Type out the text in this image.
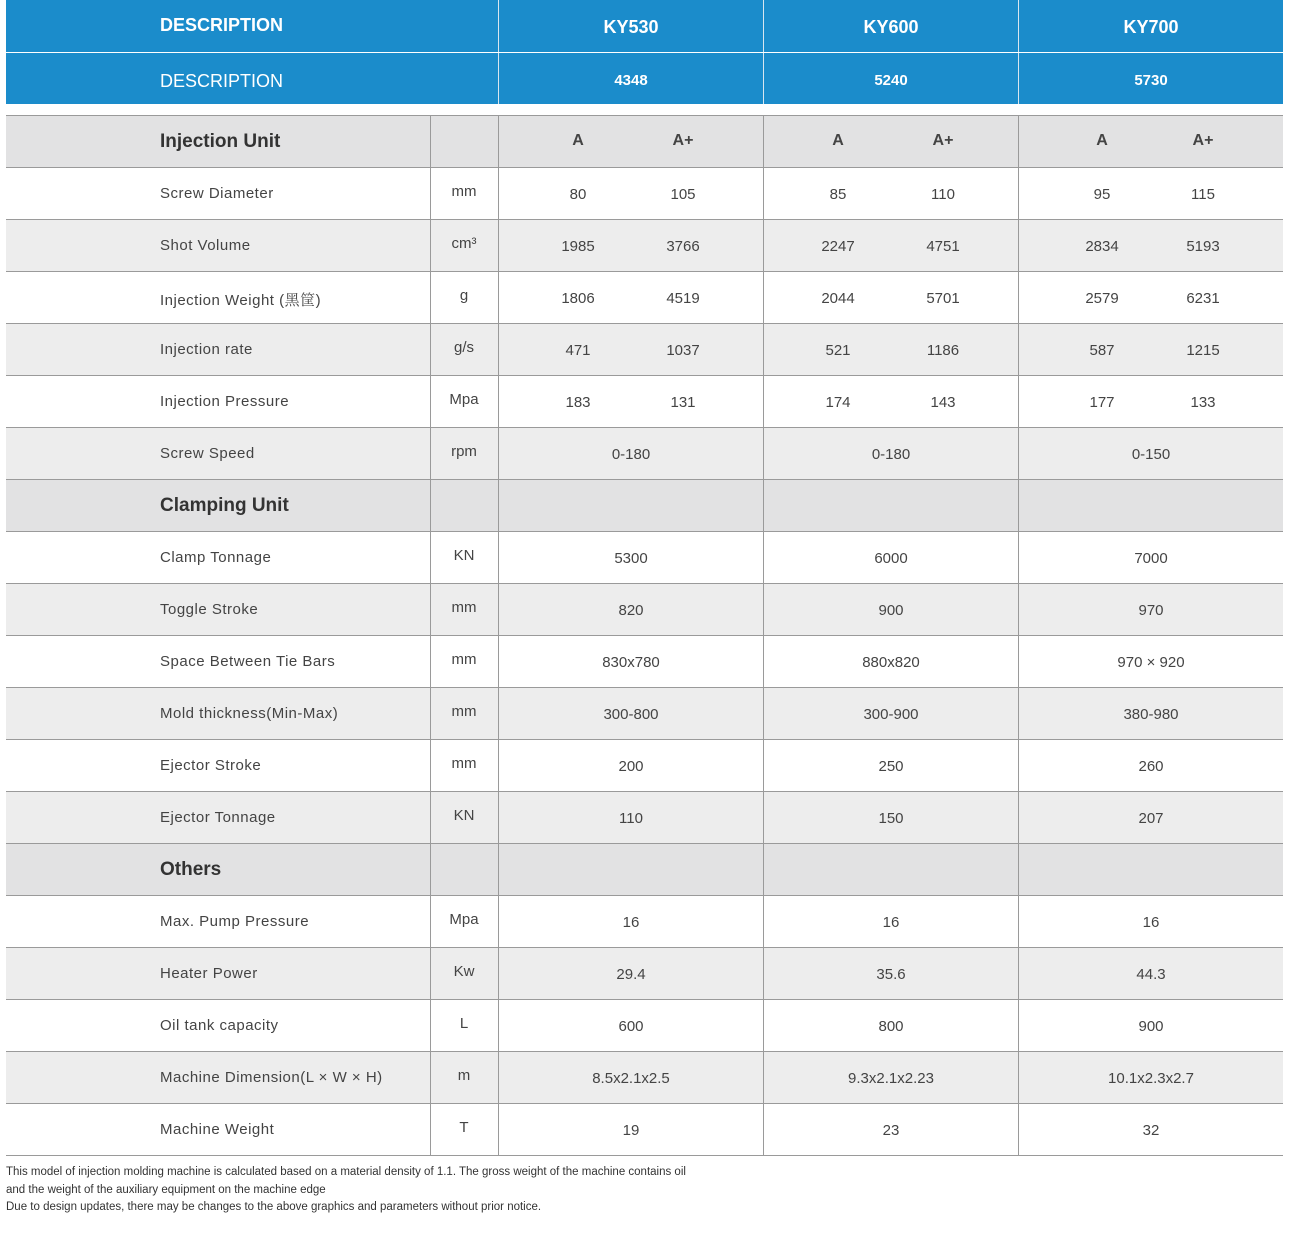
DESCRIPTION	KY530	KY600	KY700
DESCRIPTION	4348	5240	5730
Injection Unit	A	A+	A	A+	A	A+
Screw Diameter	mm	80	105	85	110	95	115
Shot Volume	cm³	1985	3766	2247	4751	2834	5193
Injection Weight (黑筐)	g	1806	4519	2044	5701	2579	6231
Injection rate	g/s	471	1037	521	1186	587	1215
Injection Pressure	Mpa	183	131	174	143	177	133
Screw Speed	rpm	0-180	0-180	0-150
Clamping Unit
Clamp Tonnage	KN	5300	6000	7000
Toggle Stroke	mm	820	900	970
Space Between Tie Bars	mm	830x780	880x820	970 × 920
Mold thickness(Min-Max)	mm	300-800	300-900	380-980
Ejector Stroke	mm	200	250	260
Ejector Tonnage	KN	110	150	207
Others
Max. Pump Pressure	Mpa	16	16	16
Heater Power	Kw	29.4	35.6	44.3
Oil tank capacity	L	600	800	900
Machine Dimension(L × W × H)	m	8.5x2.1x2.5	9.3x2.1x2.23	10.1x2.3x2.7
Machine Weight	T	19	23	32
This model of injection molding machine is calculated based on a material density of 1.1. The gross weight of the machine contains oil
and the weight of the auxiliary equipment on the machine edge
Due to design updates, there may be changes to the above graphics and parameters without prior notice.
